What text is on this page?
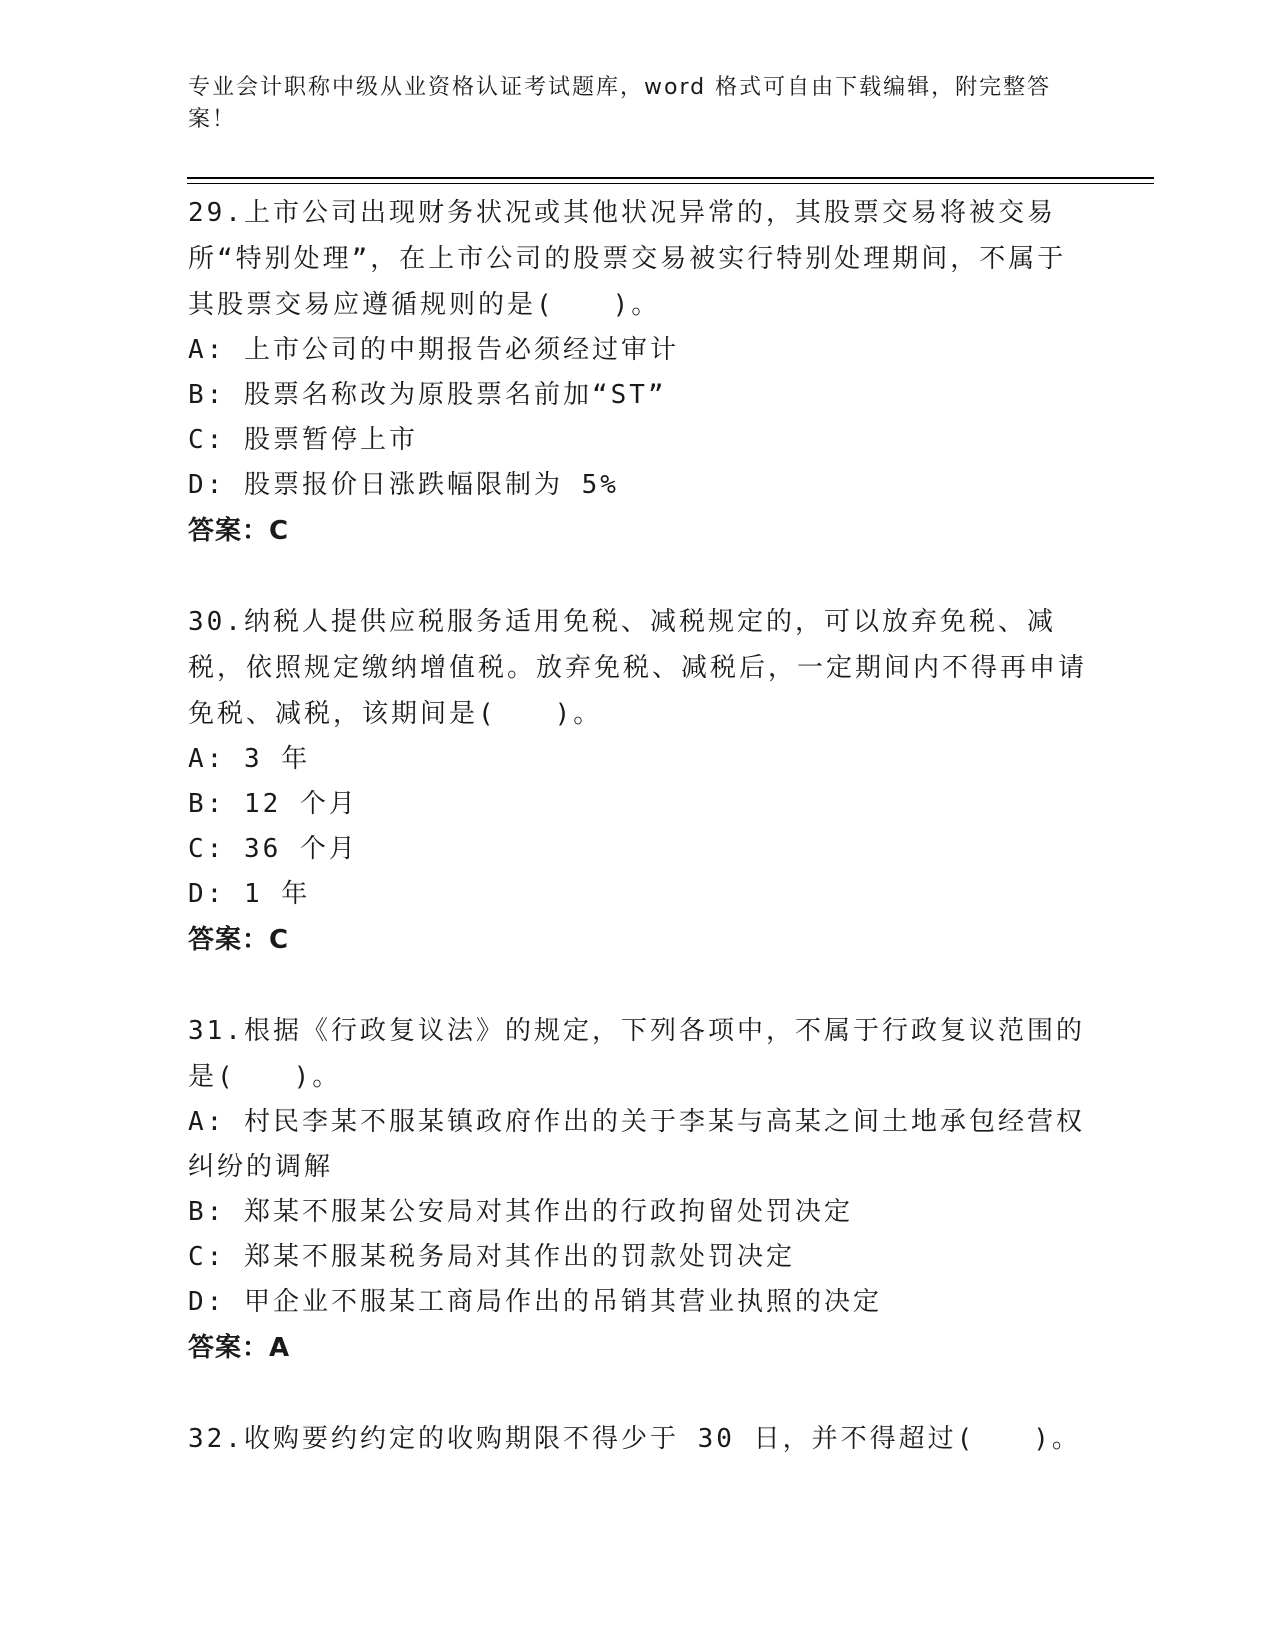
专业会计职称中级从业资格认证考试题库，word 格式可自由下载编辑，附完整答案！
29.上市公司出现财务状况或其他状况异常的，其股票交易将被交易所“特别处理”，在上市公司的股票交易被实行特别处理期间，不属于其股票交易应遵循规则的是(　　)。
A: 上市公司的中期报告必须经过审计
B: 股票名称改为原股票名前加“ST”
C: 股票暂停上市
D: 股票报价日涨跌幅限制为 5%
答案：C
30.纳税人提供应税服务适用免税、减税规定的，可以放弃免税、减税，依照规定缴纳增值税。放弃免税、减税后，一定期间内不得再申请免税、减税，该期间是(　　)。
A: 3 年
B: 12 个月
C: 36 个月
D: 1 年
答案：C
31.根据《行政复议法》的规定，下列各项中，不属于行政复议范围的是(　　)。
A: 村民李某不服某镇政府作出的关于李某与高某之间土地承包经营权纠纷的调解
B: 郑某不服某公安局对其作出的行政拘留处罚决定
C: 郑某不服某税务局对其作出的罚款处罚决定
D: 甲企业不服某工商局作出的吊销其营业执照的决定
答案：A
32.收购要约约定的收购期限不得少于 30 日，并不得超过(　　)。
